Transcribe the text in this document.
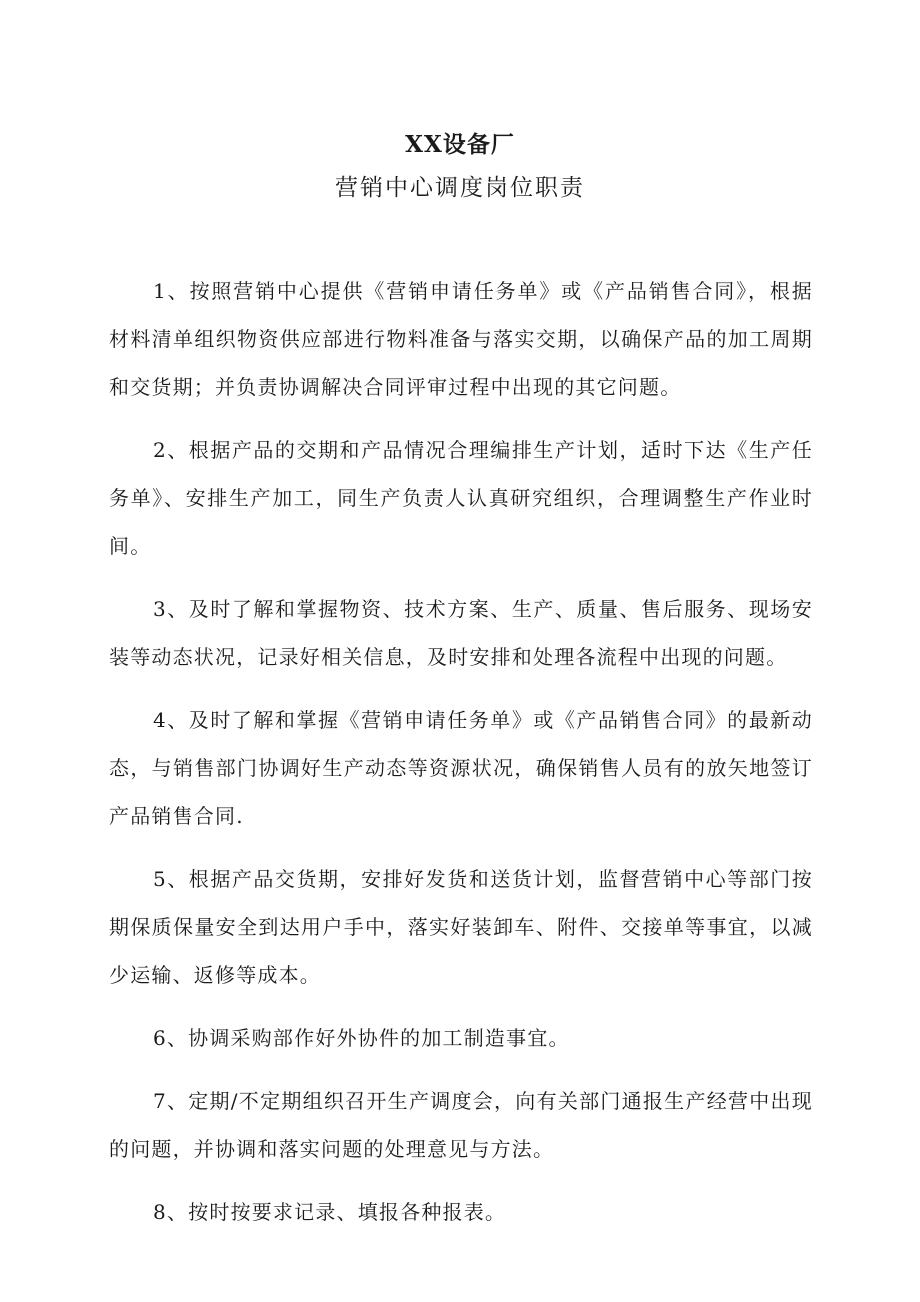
XX设备厂
营销中心调度岗位职责

1、按照营销中心提供《营销申请任务单》或《产品销售合同》，根据材料清单组织物资供应部进行物料准备与落实交期，以确保产品的加工周期和交货期；并负责协调解决合同评审过程中出现的其它问题。

2、根据产品的交期和产品情况合理编排生产计划，适时下达《生产任务单》、安排生产加工，同生产负责人认真研究组织，合理调整生产作业时间。

3、及时了解和掌握物资、技术方案、生产、质量、售后服务、现场安装等动态状况，记录好相关信息，及时安排和处理各流程中出现的问题。

4、及时了解和掌握《营销申请任务单》或《产品销售合同》的最新动态，与销售部门协调好生产动态等资源状况，确保销售人员有的放矢地签订产品销售合同.

5、根据产品交货期，安排好发货和送货计划，监督营销中心等部门按期保质保量安全到达用户手中，落实好装卸车、附件、交接单等事宜，以减少运输、返修等成本。

6、协调采购部作好外协件的加工制造事宜。

7、定期/不定期组织召开生产调度会，向有关部门通报生产经营中出现的问题，并协调和落实问题的处理意见与方法。

8、按时按要求记录、填报各种报表。
